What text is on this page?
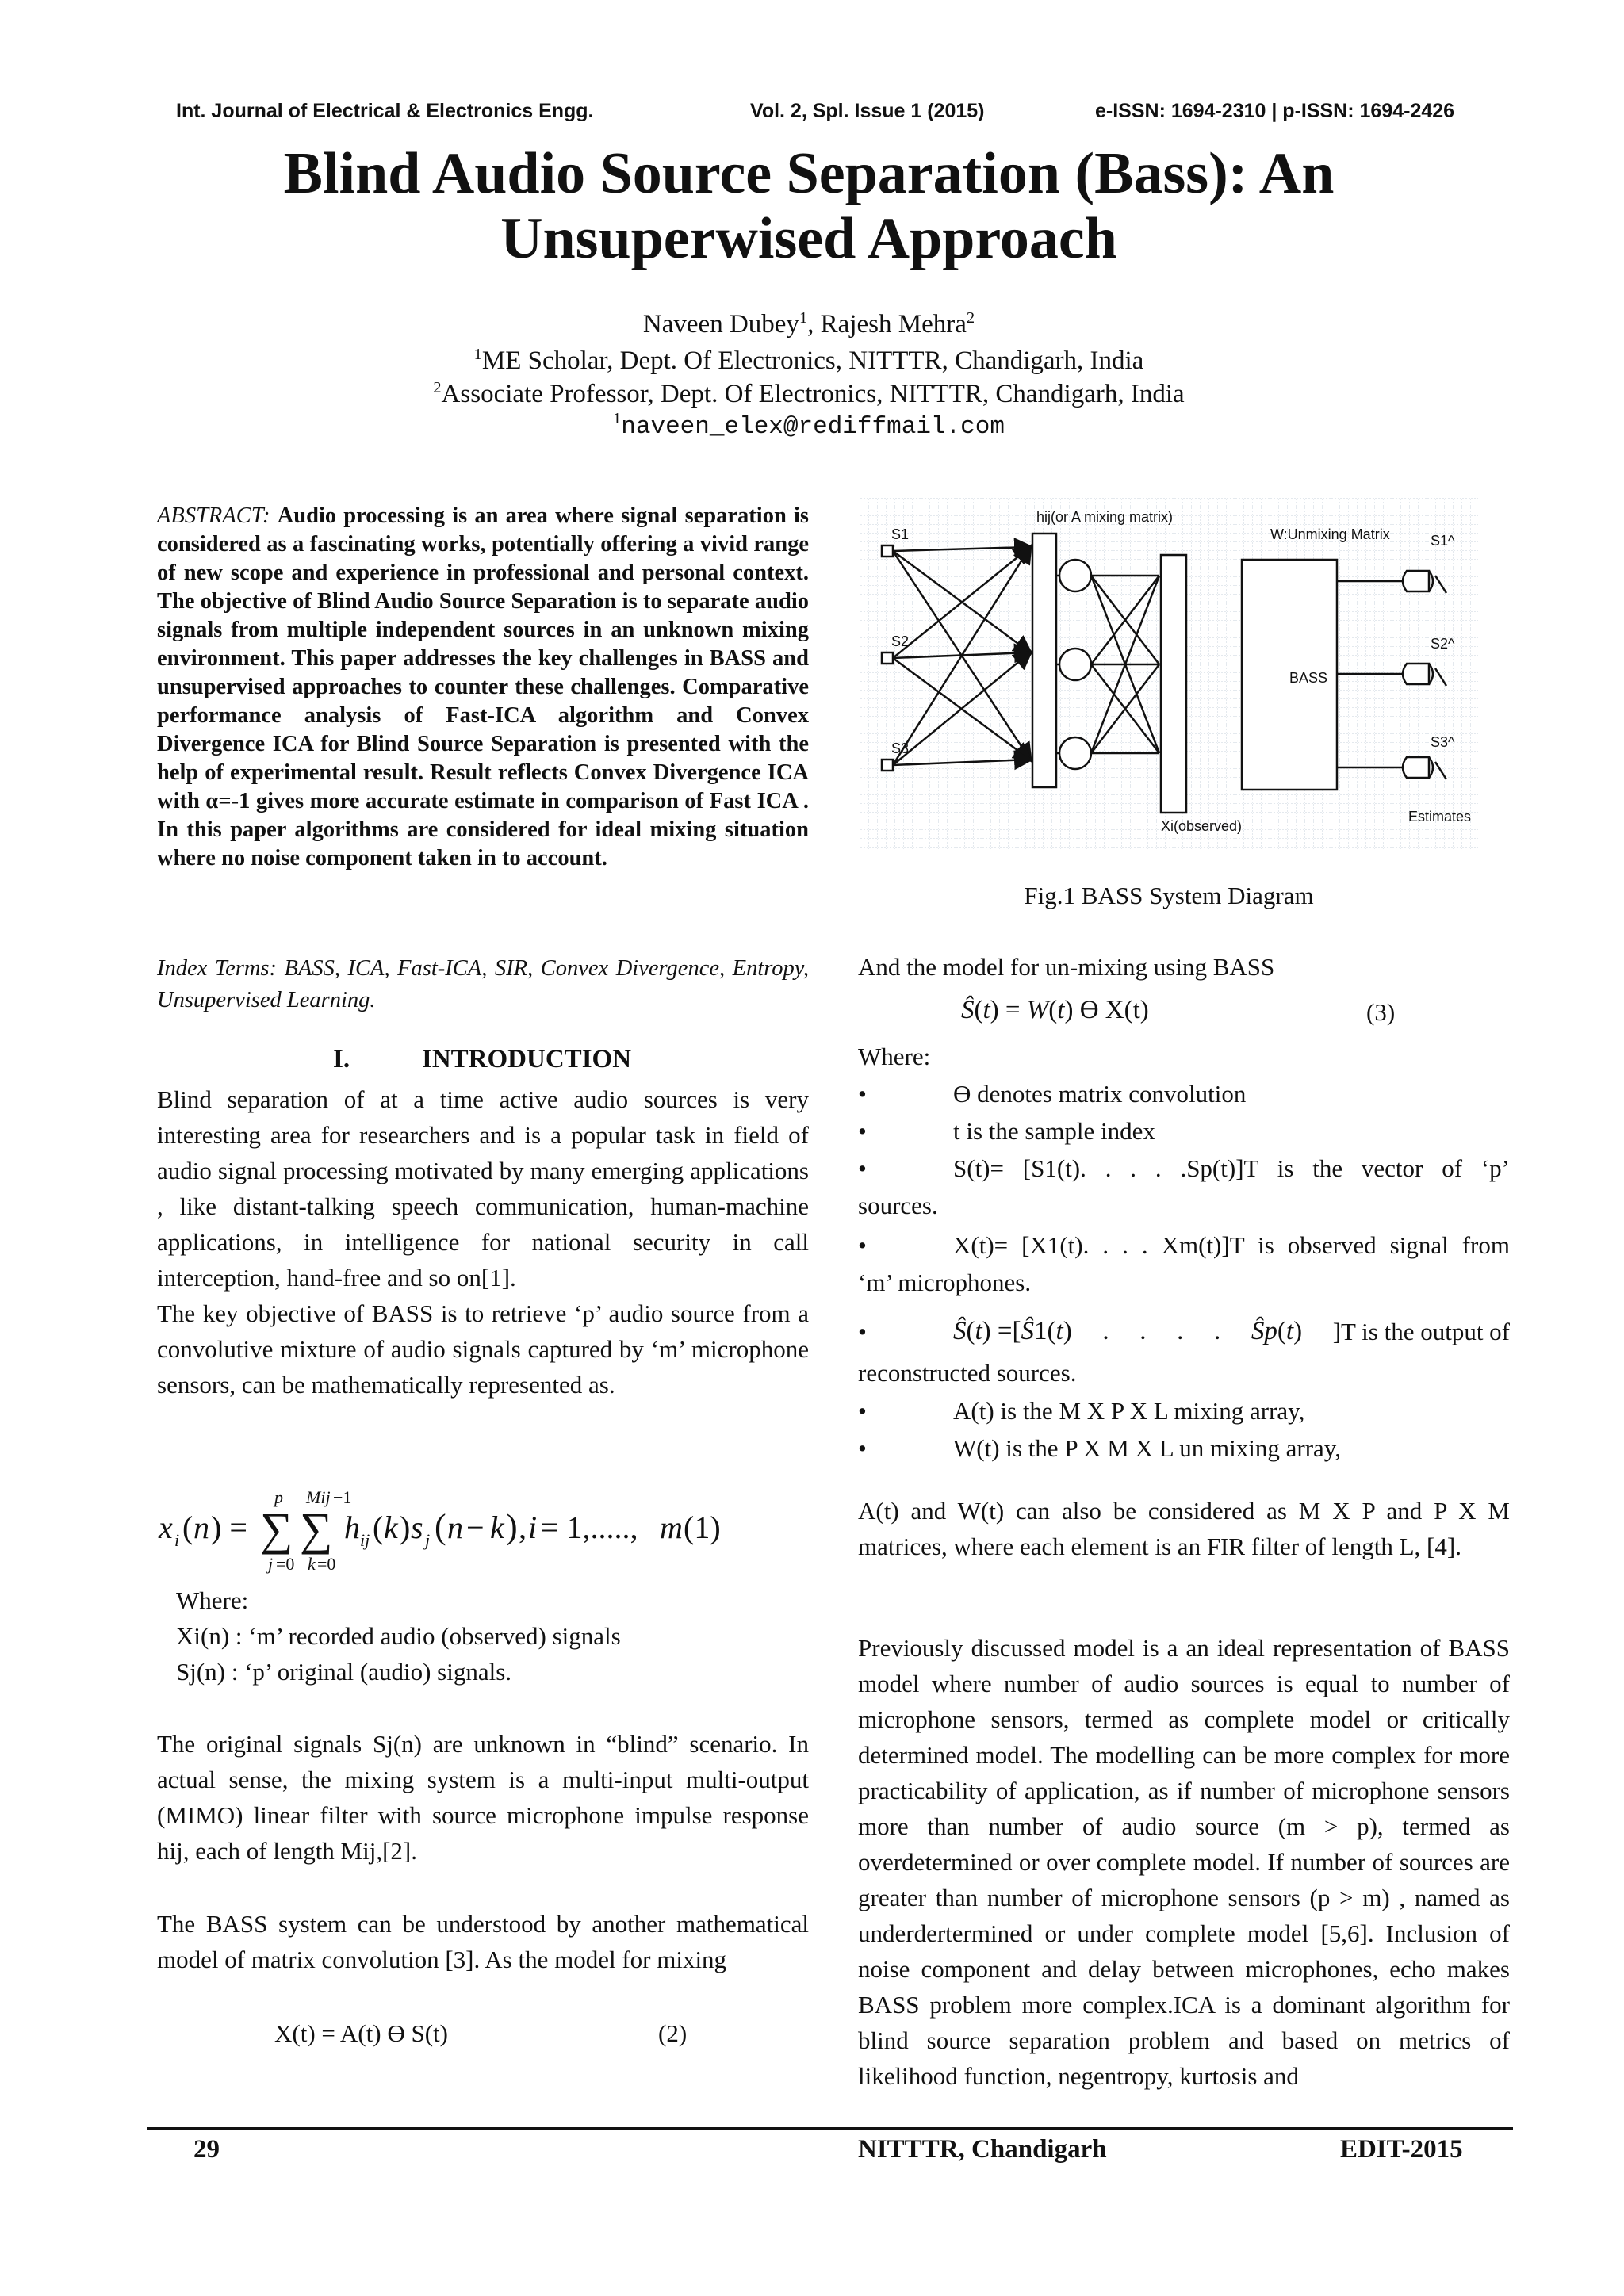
Int. Journal of Electrical & Electronics Engg.	Vol. 2, Spl. Issue 1 (2015)	e-ISSN: 1694-2310 | p-ISSN: 1694-2426
Blind Audio Source Separation (Bass): An
Unsuperwised Approach
Naveen Dubey$^1$, Rajesh Mehra$^2$
$^1$ME Scholar, Dept. Of Electronics, NITTTR, Chandigarh, India
$^2$Associate Professor, Dept. Of Electronics, NITTTR, Chandigarh, India
$^1$naveen_elex@rediffmail.com

ABSTRACT: Audio processing is an area where signal separation is considered as a fascinating works, potentially offering a vivid range of new scope and experience in professional and personal context. The objective of Blind Audio Source Separation is to separate audio signals from multiple independent sources in an unknown mixing environment. This paper addresses the key challenges in BASS and unsupervised approaches to counter these challenges. Comparative performance analysis of Fast-ICA algorithm and Convex Divergence ICA for Blind Source Separation is presented with the help of experimental result. Result reflects Convex Divergence ICA with α=-1 gives more accurate estimate in comparison of Fast ICA . In this paper algorithms are considered for ideal mixing situation where no noise component taken in to account.

Index Terms: BASS, ICA, Fast-ICA, SIR, Convex Divergence, Entropy, Unsupervised Learning.
I.	INTRODUCTION

Blind separation of at a time active audio sources is very interesting area for researchers and is a popular task in field of audio signal processing motivated by many emerging applications , like distant-talking speech communication, human-machine applications, in intelligence for national security in call interception, hand-free and so on[1].

The key objective of BASS is to retrieve ‘p’ audio source from a convolutive mixture of audio signals captured by ‘m’ microphone sensors, can be mathematically represented as.

p Mij −1
x i ( n ) = ∑ ∑ h ij ( k ) s j ( n − k ) , i = 1,....., m (1)
j =0 k =0
Where:
Xi(n) : ‘m’ recorded audio (observed) signals
Sj(n) : ‘p’ original (audio) signals.

The original signals Sj(n) are unknown in “blind” scenario. In actual sense, the mixing system is a multi-input multi-output (MIMO) linear filter with source microphone impulse response hij, each of length Mij,[2].

The BASS system can be understood by another mathematical model of matrix convolution [3]. As the model for mixing

X(t) = A(t) Ө S(t)	(2)
S1
S2
S3
hij(or A mixing matrix)
W:Unmixing Matrix
BASS
Xi(observed)
S1^
S2^
S3^
Estimates
Fig.1 BASS System Diagram
And the model for un-mixing using BASS
Ŝ(t) = W(t) Ө X(t)	(3)
Where:
•	Ө denotes matrix convolution
•	t is the sample index
•	S(t)= [S1(t). . . . .Sp(t)]T is the vector of ‘p’
sources.
•	X(t)= [X1(t). . . . Xm(t)]T is observed signal from
‘m’ microphones.
•	Ŝ(t) =[Ŝ1(t) . . . . Ŝp(t) ]T is the output of
reconstructed sources.
•	A(t) is the M X P X L mixing array,
•	W(t) is the P X M X L un mixing array,

A(t) and W(t) can also be considered as M X P and P X M matrices, where each element is an FIR filter of length L, [4].

Previously discussed model is a an ideal representation of BASS model where number of audio sources is equal to number of microphone sensors, termed as complete model or critically determined model. The modelling can be more complex for more practicability of application, as if number of microphone sensors more than number of audio source (m > p), termed as overdetermined or over complete model. If number of sources are greater than number of microphone sensors (p > m) , named as underdertermined or under complete model [5,6]. Inclusion of noise component and delay between microphones, echo makes BASS problem more complex.ICA is a dominant algorithm for blind source separation problem and based on metrics of likelihood function, negentropy, kurtosis and

29	NITTTR, Chandigarh	EDIT-2015
